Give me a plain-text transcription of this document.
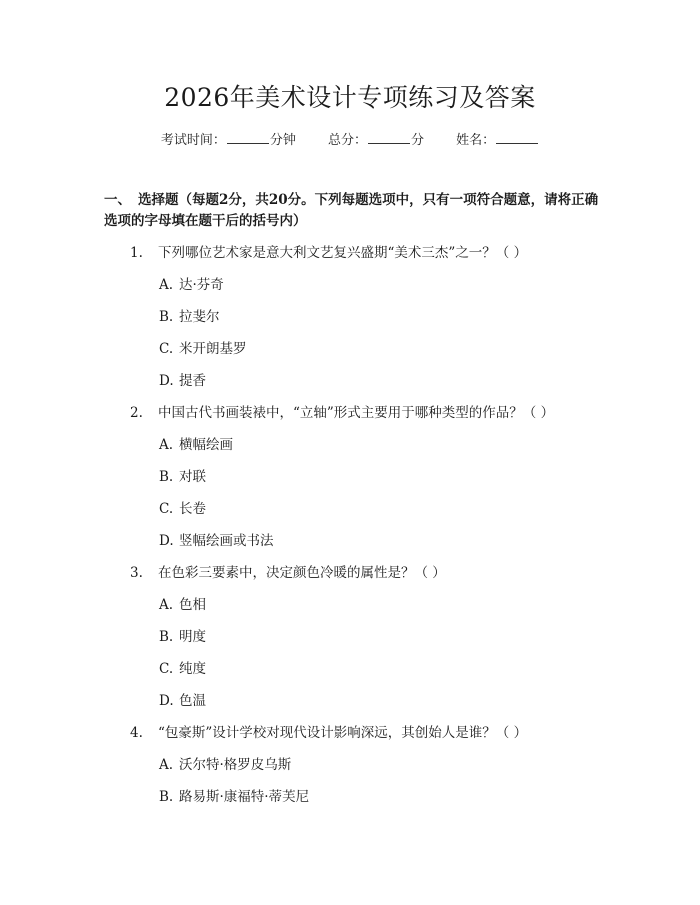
2026年美术设计专项练习及答案
考试时间：	分钟 总分：	分 姓名：
一、 选择题（每题2分，共20分。下列每题选项中，只有一项符合题意，请将正确选项的字母填在题干后的括号内）
1. 下列哪位艺术家是意大利文艺复兴盛期“美术三杰”之一？（ ）
A. 达·芬奇
B. 拉斐尔
C. 米开朗基罗
D. 提香
2. 中国古代书画装裱中，“立轴”形式主要用于哪种类型的作品？（ ）
A. 横幅绘画
B. 对联
C. 长卷
D. 竖幅绘画或书法
3. 在色彩三要素中，决定颜色冷暖的属性是？（ ）
A. 色相
B. 明度
C. 纯度
D. 色温
4. “包豪斯”设计学校对现代设计影响深远，其创始人是谁？（ ）
A. 沃尔特·格罗皮乌斯
B. 路易斯·康福特·蒂芙尼
